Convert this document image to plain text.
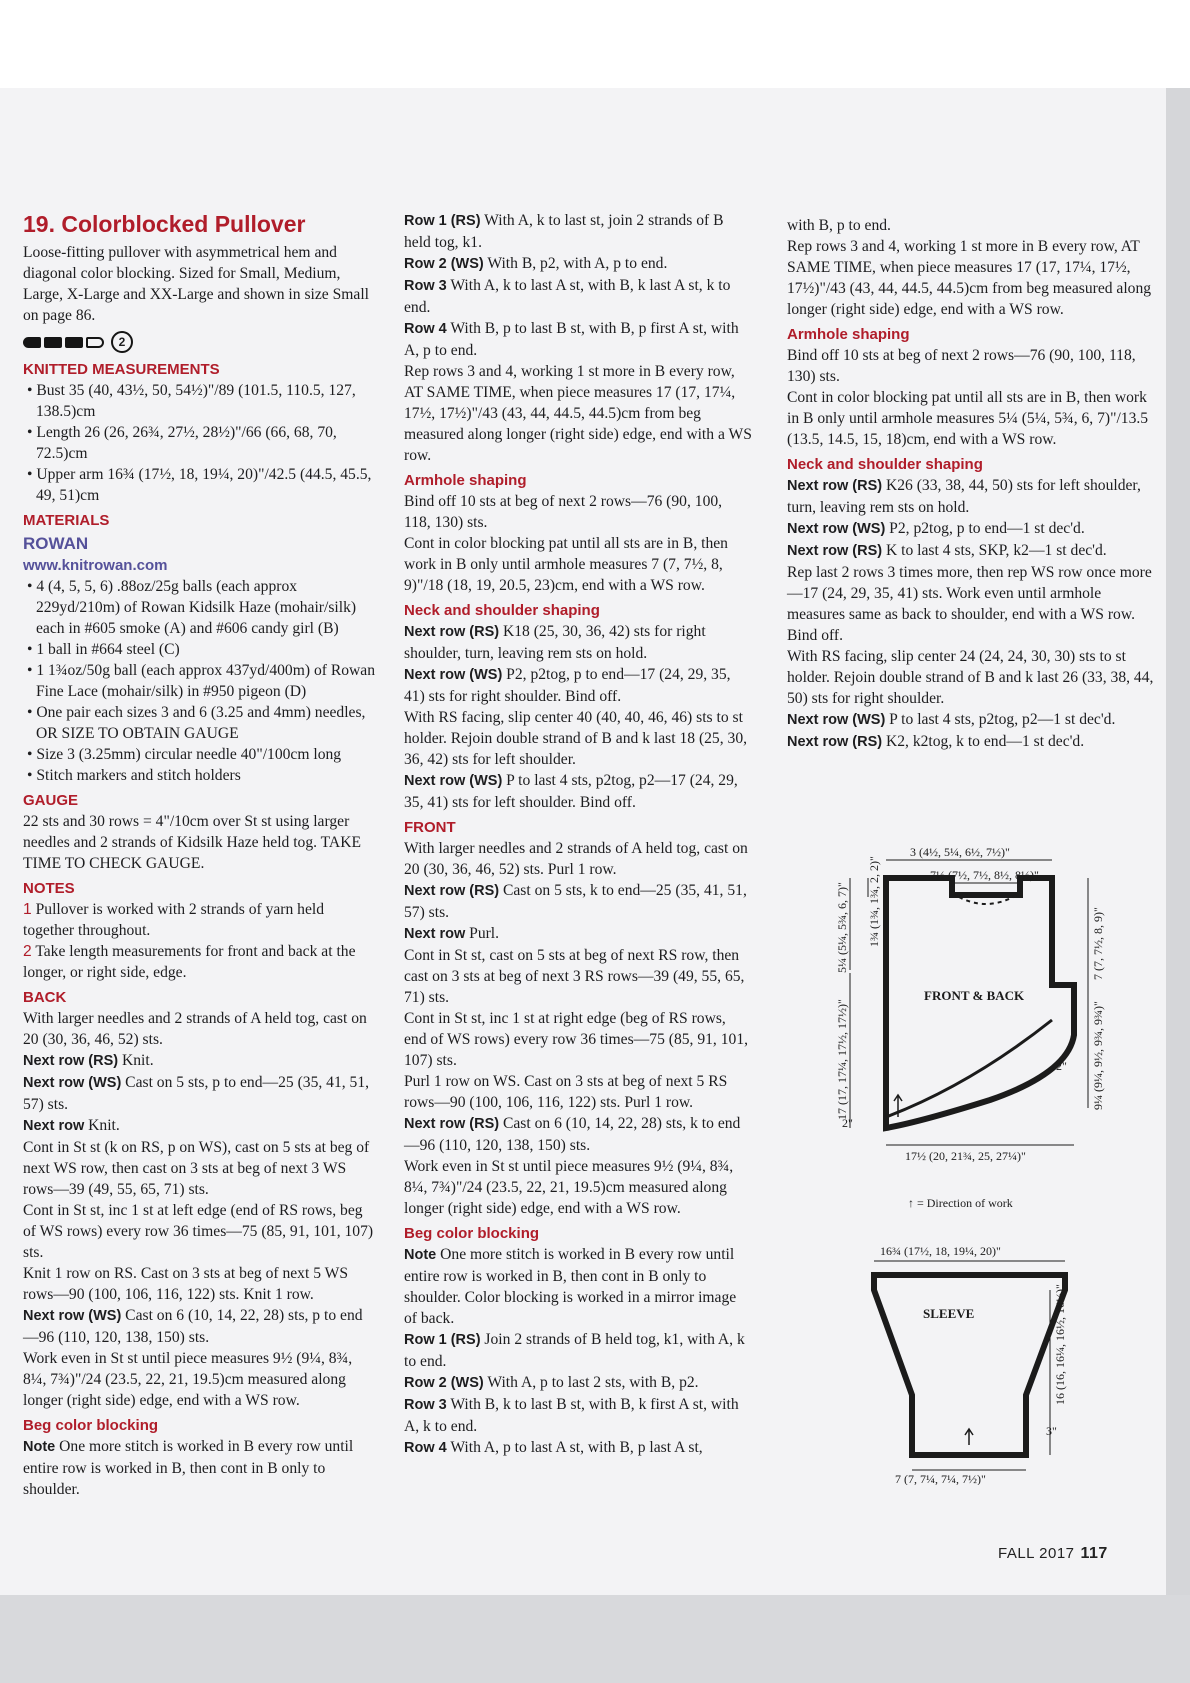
19. Colorblocked Pullover

Loose-fitting pullover with asymmetrical hem and diagonal color blocking. Sized for Small, Medium, Large, X-Large and XX-Large and shown in size Small on page 86.

2
KNITTED MEASUREMENTS

• Bust 35 (40, 43½, 50, 54½)"/89 (101.5, 110.5, 127, 138.5)cm

• Length 26 (26, 26¾, 27½, 28½)"/66 (66, 68, 70, 72.5)cm

• Upper arm 16¾ (17½, 18, 19¼, 20)"/42.5 (44.5, 45.5, 49, 51)cm

MATERIALS
ROWAN
www.knitrowan.com

• 4 (4, 5, 5, 6) .88oz/25g balls (each approx 229yd/210m) of Rowan Kidsilk Haze (mohair/silk) each in #605 smoke (A) and #606 candy girl (B)

• 1 ball in #664 steel (C)

• 1 1¾oz/50g ball (each approx 437yd/400m) of Rowan Fine Lace (mohair/silk) in #950 pigeon (D)

• One pair each sizes 3 and 6 (3.25 and 4mm) needles, OR SIZE TO OBTAIN GAUGE

• Size 3 (3.25mm) circular needle 40"/100cm long

• Stitch markers and stitch holders

GAUGE

22 sts and 30 rows = 4"/10cm over St st using larger needles and 2 strands of Kidsilk Haze held tog. TAKE TIME TO CHECK GAUGE.

NOTES

1 Pullover is worked with 2 strands of yarn held together throughout.

2 Take length measurements for front and back at the longer, or right side, edge.

BACK

With larger needles and 2 strands of A held tog, cast on 20 (30, 36, 46, 52) sts.

Next row (RS) Knit.

Next row (WS) Cast on 5 sts, p to end—25 (35, 41, 51, 57) sts.

Next row Knit.

Cont in St st (k on RS, p on WS), cast on 5 sts at beg of next WS row, then cast on 3 sts at beg of next 3 WS rows—39 (49, 55, 65, 71) sts.

Cont in St st, inc 1 st at left edge (end of RS rows, beg of WS rows) every row 36 times—75 (85, 91, 101, 107) sts.

Knit 1 row on RS. Cast on 3 sts at beg of next 5 WS rows—90 (100, 106, 116, 122) sts. Knit 1 row.

Next row (WS) Cast on 6 (10, 14, 22, 28) sts, p to end—96 (110, 120, 138, 150) sts.

Work even in St st until piece measures 9½ (9¼, 8¾, 8¼, 7¾)"/24 (23.5, 22, 21, 19.5)cm measured along longer (right side) edge, end with a WS row.

Beg color blocking

Note One more stitch is worked in B every row until entire row is worked in B, then cont in B only to shoulder.

Row 1 (RS) With A, k to last st, join 2 strands of B held tog, k1.

Row 2 (WS) With B, p2, with A, p to end.

Row 3 With A, k to last A st, with B, k last A st, k to end.

Row 4 With B, p to last B st, with B, p first A st, with A, p to end.

Rep rows 3 and 4, working 1 st more in B every row, AT SAME TIME, when piece measures 17 (17, 17¼, 17½, 17½)"/43 (43, 44, 44.5, 44.5)cm from beg measured along longer (right side) edge, end with a WS row.

Armhole shaping

Bind off 10 sts at beg of next 2 rows—76 (90, 100, 118, 130) sts.

Cont in color blocking pat until all sts are in B, then work in B only until armhole measures 7 (7, 7½, 8, 9)"/18 (18, 19, 20.5, 23)cm, end with a WS row.

Neck and shoulder shaping

Next row (RS) K18 (25, 30, 36, 42) sts for right shoulder, turn, leaving rem sts on hold.

Next row (WS) P2, p2tog, p to end—17 (24, 29, 35, 41) sts for right shoulder. Bind off.

With RS facing, slip center 40 (40, 40, 46, 46) sts to st holder. Rejoin double strand of B and k last 18 (25, 30, 36, 42) sts for left shoulder.

Next row (WS) P to last 4 sts, p2tog, p2—17 (24, 29, 35, 41) sts for left shoulder. Bind off.

FRONT

With larger needles and 2 strands of A held tog, cast on 20 (30, 36, 46, 52) sts. Purl 1 row.

Next row (RS) Cast on 5 sts, k to end—25 (35, 41, 51, 57) sts.

Next row Purl.

Cont in St st, cast on 5 sts at beg of next RS row, then cast on 3 sts at beg of next 3 RS rows—39 (49, 55, 65, 71) sts.

Cont in St st, inc 1 st at right edge (beg of RS rows, end of WS rows) every row 36 times—75 (85, 91, 101, 107) sts.

Purl 1 row on WS. Cast on 3 sts at beg of next 5 RS rows—90 (100, 106, 116, 122) sts. Purl 1 row.

Next row (RS) Cast on 6 (10, 14, 22, 28) sts, k to end—96 (110, 120, 138, 150) sts.

Work even in St st until piece measures 9½ (9¼, 8¾, 8¼, 7¾)"/24 (23.5, 22, 21, 19.5)cm measured along longer (right side) edge, end with a WS row.

Beg color blocking

Note One more stitch is worked in B every row until entire row is worked in B, then cont in B only to shoulder. Color blocking is worked in a mirror image of back.

Row 1 (RS) Join 2 strands of B held tog, k1, with A, k to end.

Row 2 (WS) With A, p to last 2 sts, with B, p2.

Row 3 With B, k to last B st, with B, k first A st, with A, k to end.

Row 4 With A, p to last A st, with B, p last A st,

with B, p to end.

Rep rows 3 and 4, working 1 st more in B every row, AT SAME TIME, when piece measures 17 (17, 17¼, 17½, 17½)"/43 (43, 44, 44.5, 44.5)cm from beg measured along longer (right side) edge, end with a WS row.

Armhole shaping

Bind off 10 sts at beg of next 2 rows—76 (90, 100, 118, 130) sts.

Cont in color blocking pat until all sts are in B, then work in B only until armhole measures 5¼ (5¼, 5¾, 6, 7)"/13.5 (13.5, 14.5, 15, 18)cm, end with a WS row.

Neck and shoulder shaping

Next row (RS) K26 (33, 38, 44, 50) sts for left shoulder, turn, leaving rem sts on hold.

Next row (WS) P2, p2tog, p to end—1 st dec'd.

Next row (RS) K to last 4 sts, SKP, k2—1 st dec'd.

Rep last 2 rows 3 times more, then rep WS row once more—17 (24, 29, 35, 41) sts. Work even until armhole measures same as back to shoulder, end with a WS row. Bind off.

With RS facing, slip center 24 (24, 24, 30, 30) sts to st holder. Rejoin double strand of B and k last 26 (33, 38, 44, 50) sts for right shoulder.

Next row (WS) P to last 4 sts, p2tog, p2—1 st dec'd.

Next row (RS) K2, k2tog, k to end—1 st dec'd.

3 (4½, 5¼, 6½, 7½)"
7½ (7½, 7½, 8½, 8½)"
1¾ (1¾, 1¾, 2, 2)"
5¼ (5¼, 5¾, 6, 7)"
17 (17, 17¼, 17½, 17½)"
2"
7 (7, 7½, 8, 9)"
2" 9¼ (9¼, 9½, 9¾, 9¾)"
FRONT & BACK
17½ (20, 21¾, 25, 27¼)"
↑ = Direction of work
16¾ (17½, 18, 19¼, 20)"
SLEEVE	16 (16, 16¼, 16½, 16½)"
3"
7 (7, 7¼, 7¼, 7½)"
FALL 2017 117
